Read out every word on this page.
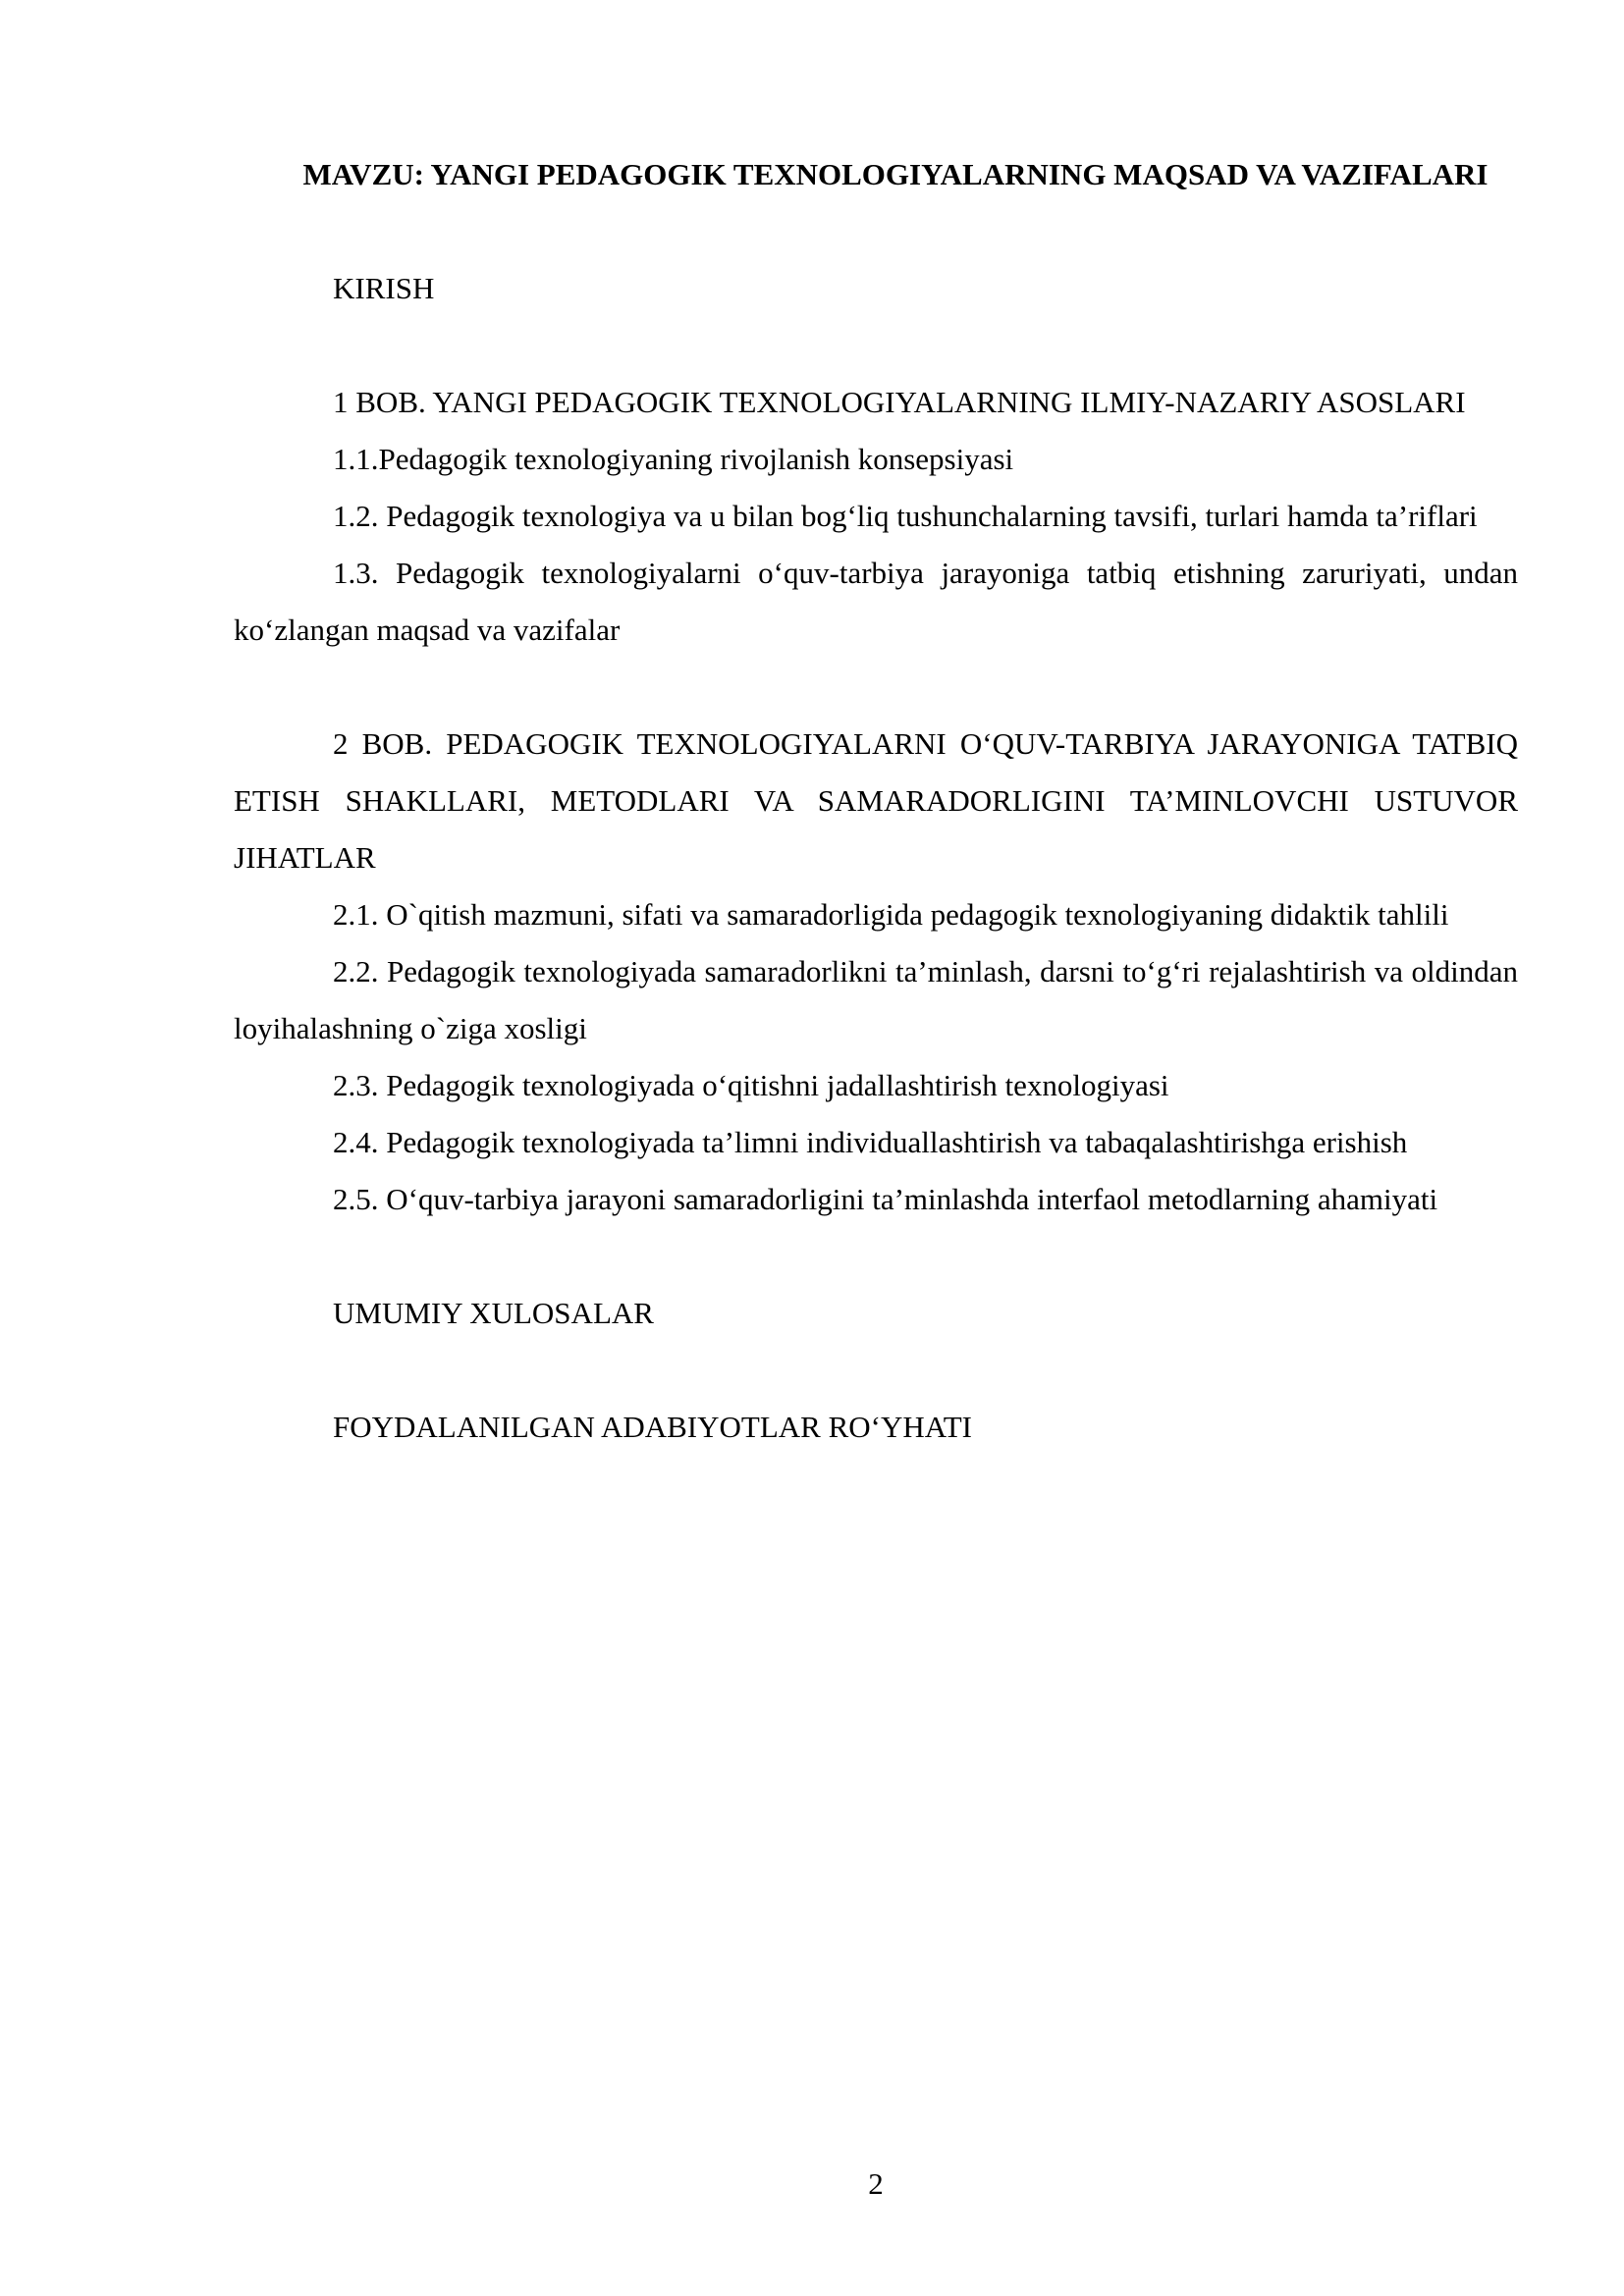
MAVZU: YANGI PEDAGOGIK TEXNOLOGIYALARNING MAQSAD VA VAZIFALARI

KIRISH

1 BOB. YANGI PEDAGOGIK TEXNOLOGIYALARNING ILMIY-NAZARIY ASOSLARI

1.1.Pedagogik texnologiyaning rivojlanish konsepsiyasi

1.2. Pedagogik texnologiya va u bilan bog‘liq tushunchalarning tavsifi, turlari hamda ta’riflari

1.3. Pedagogik texnologiyalarni o‘quv-tarbiya jarayoniga tatbiq etishning zaruriyati, undan ko‘zlangan maqsad va vazifalar

2 BOB. PEDAGOGIK TEXNOLOGIYALARNI O‘QUV-TARBIYA JARAYONIGA TATBIQ ETISH SHAKLLARI, METODLARI VA SAMARADORLIGINI TA’MINLOVCHI USTUVOR JIHATLAR

2.1. O`qitish mazmuni, sifati va samaradorligida pedagogik texnologiyaning didaktik tahlili

2.2. Pedagogik texnologiyada samaradorlikni ta’minlash, darsni to‘g‘ri rejalashtirish va oldindan loyihalashning o`ziga xosligi

2.3. Pedagogik texnologiyada o‘qitishni jadallashtirish texnologiyasi

2.4. Pedagogik texnologiyada ta’limni individuallashtirish va tabaqalashtirishga erishish

2.5. O‘quv-tarbiya jarayoni samaradorligini ta’minlashda interfaol metodlarning ahamiyati

UMUMIY XULOSALAR

FOYDALANILGAN ADABIYOTLAR RO‘YHATI

2
